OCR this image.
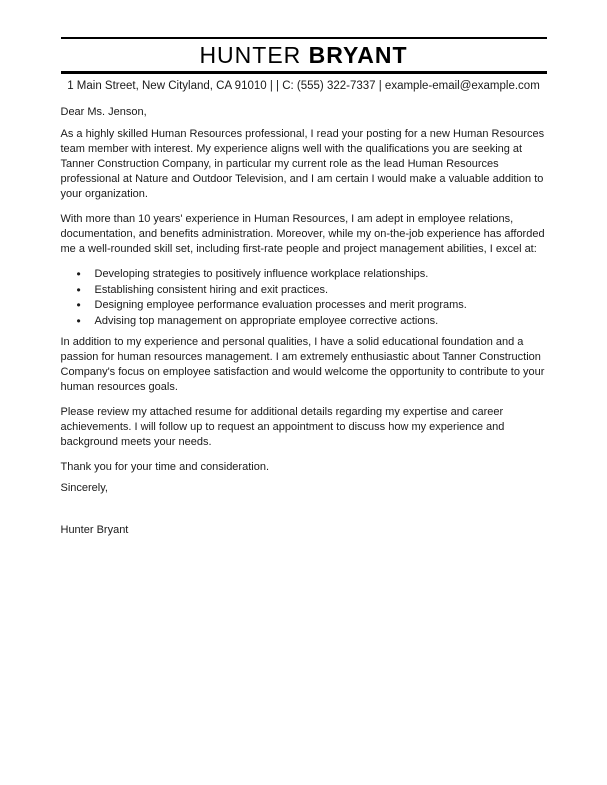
HUNTER BRYANT
1 Main Street, New Cityland, CA 91010 | | C: (555) 322-7337 | example-email@example.com

Dear Ms. Jenson,

As a highly skilled Human Resources professional, I read your posting for a new Human Resources team member with interest. My experience aligns well with the qualifications you are seeking at Tanner Construction Company, in particular my current role as the lead Human Resources professional at Nature and Outdoor Television, and I am certain I would make a valuable addition to your organization.

With more than 10 years' experience in Human Resources, I am adept in employee relations, documentation, and benefits administration. Moreover, while my on-the-job experience has afforded me a well-rounded skill set, including first-rate people and project management abilities, I excel at:

•	Developing strategies to positively influence workplace relationships.
•	Establishing consistent hiring and exit practices.
•	Designing employee performance evaluation processes and merit programs.
•	Advising top management on appropriate employee corrective actions.

In addition to my experience and personal qualities, I have a solid educational foundation and a passion for human resources management. I am extremely enthusiastic about Tanner Construction Company's focus on employee satisfaction and would welcome the opportunity to contribute to your human resources goals.

Please review my attached resume for additional details regarding my expertise and career achievements. I will follow up to request an appointment to discuss how my experience and background meets your needs.

Thank you for your time and consideration.

Sincerely,

Hunter Bryant
